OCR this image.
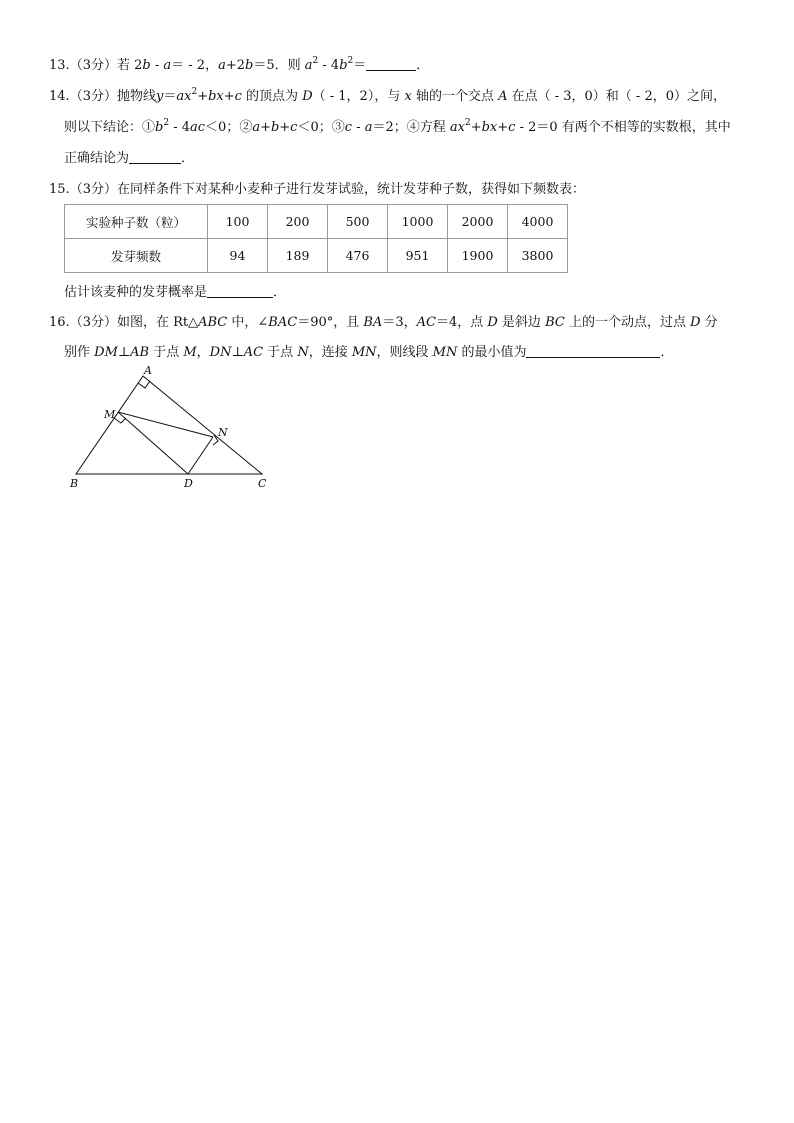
13.（3分）若 2b - a＝ - 2，a+2b＝5．则 $a^2 - 4b^2=$	．
14.（3分）抛物线$y=ax^2+bx+c$ 的顶点为 D（ - 1，2），与 x 轴的一个交点 A 在点（ - 3，0）和（ - 2，0）之间，
则以下结论：$①b^2 - 4ac<0$；②a+b+c＜0；③c - a＝2；④方程 $ax^2+bx+c - 2=0$ 有两个不相等的实数根，其中
正确结论为	．
15.（3分）在同样条件下对某种小麦种子进行发芽试验，统计发芽种子数，获得如下频数表：
实验种子数（粒）	100	200	500	1000	2000	4000
发芽频数	94	189	476	951	1900	3800
估计该麦种的发芽概率是	．
16.（3分）如图，在 Rt△ABC 中，∠BAC＝90°，且 BA＝3，AC＝4，点 D 是斜边 BC 上的一个动点，过点 D 分
别作 DM⊥AB 于点 M，DN⊥AC 于点 N，连接 MN，则线段 MN 的最小值为	．
A
M
N
B	D	C
